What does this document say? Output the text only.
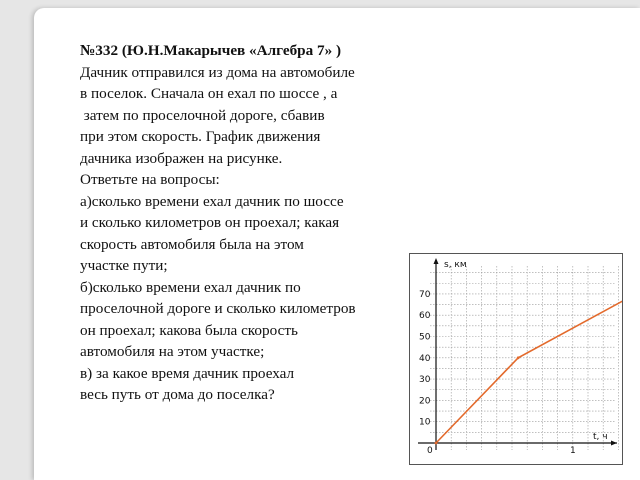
№332 (Ю.Н.Макарычев «Алгебра 7» )
Дачник отправился из дома на автомобиле
в поселок. Сначала он ехал по шоссе , а
затем по проселочной дороге, сбавив
при этом скорость. График движения
дачника изображен на рисунке.
Ответьте на вопросы:
а)сколько времени ехал дачник по шоссе
и сколько километров он проехал; какая
скорость автомобиля была на этом
участке пути;
б)сколько времени ехал дачник по
проселочной дороге и сколько километров
он проехал; какова была скорость
автомобиля на этом участке;
в) за какое время дачник проехал
весь путь от дома до поселка?
s, км
t, ч
0
10
20
30
40
50
60
70
1
